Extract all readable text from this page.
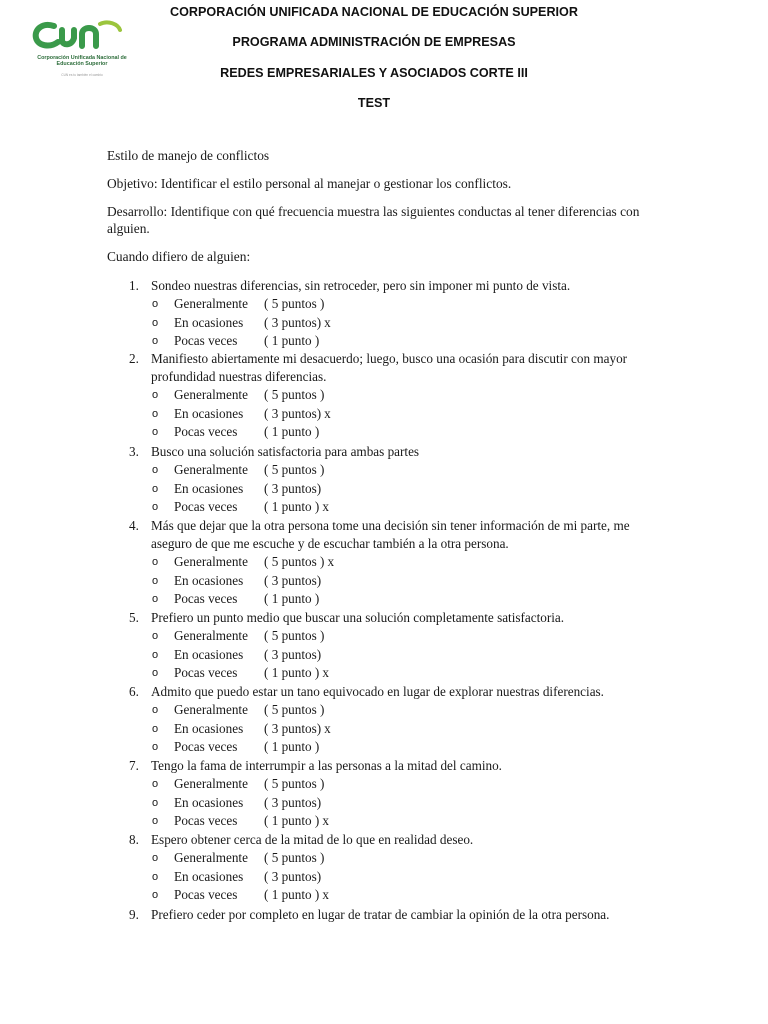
Corporación Unificada Nacional de Educación Superior
CUN es tu también el cambio
CORPORACIÓN UNIFICADA NACIONAL DE EDUCACIÓN SUPERIOR
PROGRAMA ADMINISTRACIÓN DE EMPRESAS
REDES EMPRESARIALES Y ASOCIADOS CORTE III
TEST
Estilo de manejo de conflictos
Objetivo: Identificar el estilo personal al manejar o gestionar los conflictos.
Desarrollo: Identifique con qué frecuencia muestra las siguientes conductas al tener diferencias con alguien.
Cuando difiero de alguien:
1. Sondeo nuestras diferencias, sin retroceder, pero sin imponer mi punto de vista.
o Generalmente ( 5 puntos )
o En ocasiones ( 3 puntos) x
o Pocas veces ( 1 punto )
2. Manifiesto abiertamente mi desacuerdo; luego, busco una ocasión para discutir con mayor profundidad nuestras diferencias.
o Generalmente ( 5 puntos )
o En ocasiones ( 3 puntos) x
o Pocas veces ( 1 punto )
3. Busco una solución satisfactoria para ambas partes
o Generalmente ( 5 puntos )
o En ocasiones ( 3 puntos)
o Pocas veces ( 1 punto ) x
4. Más que dejar que la otra persona tome una decisión sin tener información de mi parte, me aseguro de que me escuche y de escuchar también a la otra persona.
o Generalmente ( 5 puntos ) x
o En ocasiones ( 3 puntos)
o Pocas veces ( 1 punto )
5. Prefiero un punto medio que buscar una solución completamente satisfactoria.
o Generalmente ( 5 puntos )
o En ocasiones ( 3 puntos)
o Pocas veces ( 1 punto ) x
6. Admito que puedo estar un tano equivocado en lugar de explorar nuestras diferencias.
o Generalmente ( 5 puntos )
o En ocasiones ( 3 puntos) x
o Pocas veces ( 1 punto )
7. Tengo la fama de interrumpir a las personas a la mitad del camino.
o Generalmente ( 5 puntos )
o En ocasiones ( 3 puntos)
o Pocas veces ( 1 punto ) x
8. Espero obtener cerca de la mitad de lo que en realidad deseo.
o Generalmente ( 5 puntos )
o En ocasiones ( 3 puntos)
o Pocas veces ( 1 punto ) x
9. Prefiero ceder por completo en lugar de tratar de cambiar la opinión de la otra persona.
